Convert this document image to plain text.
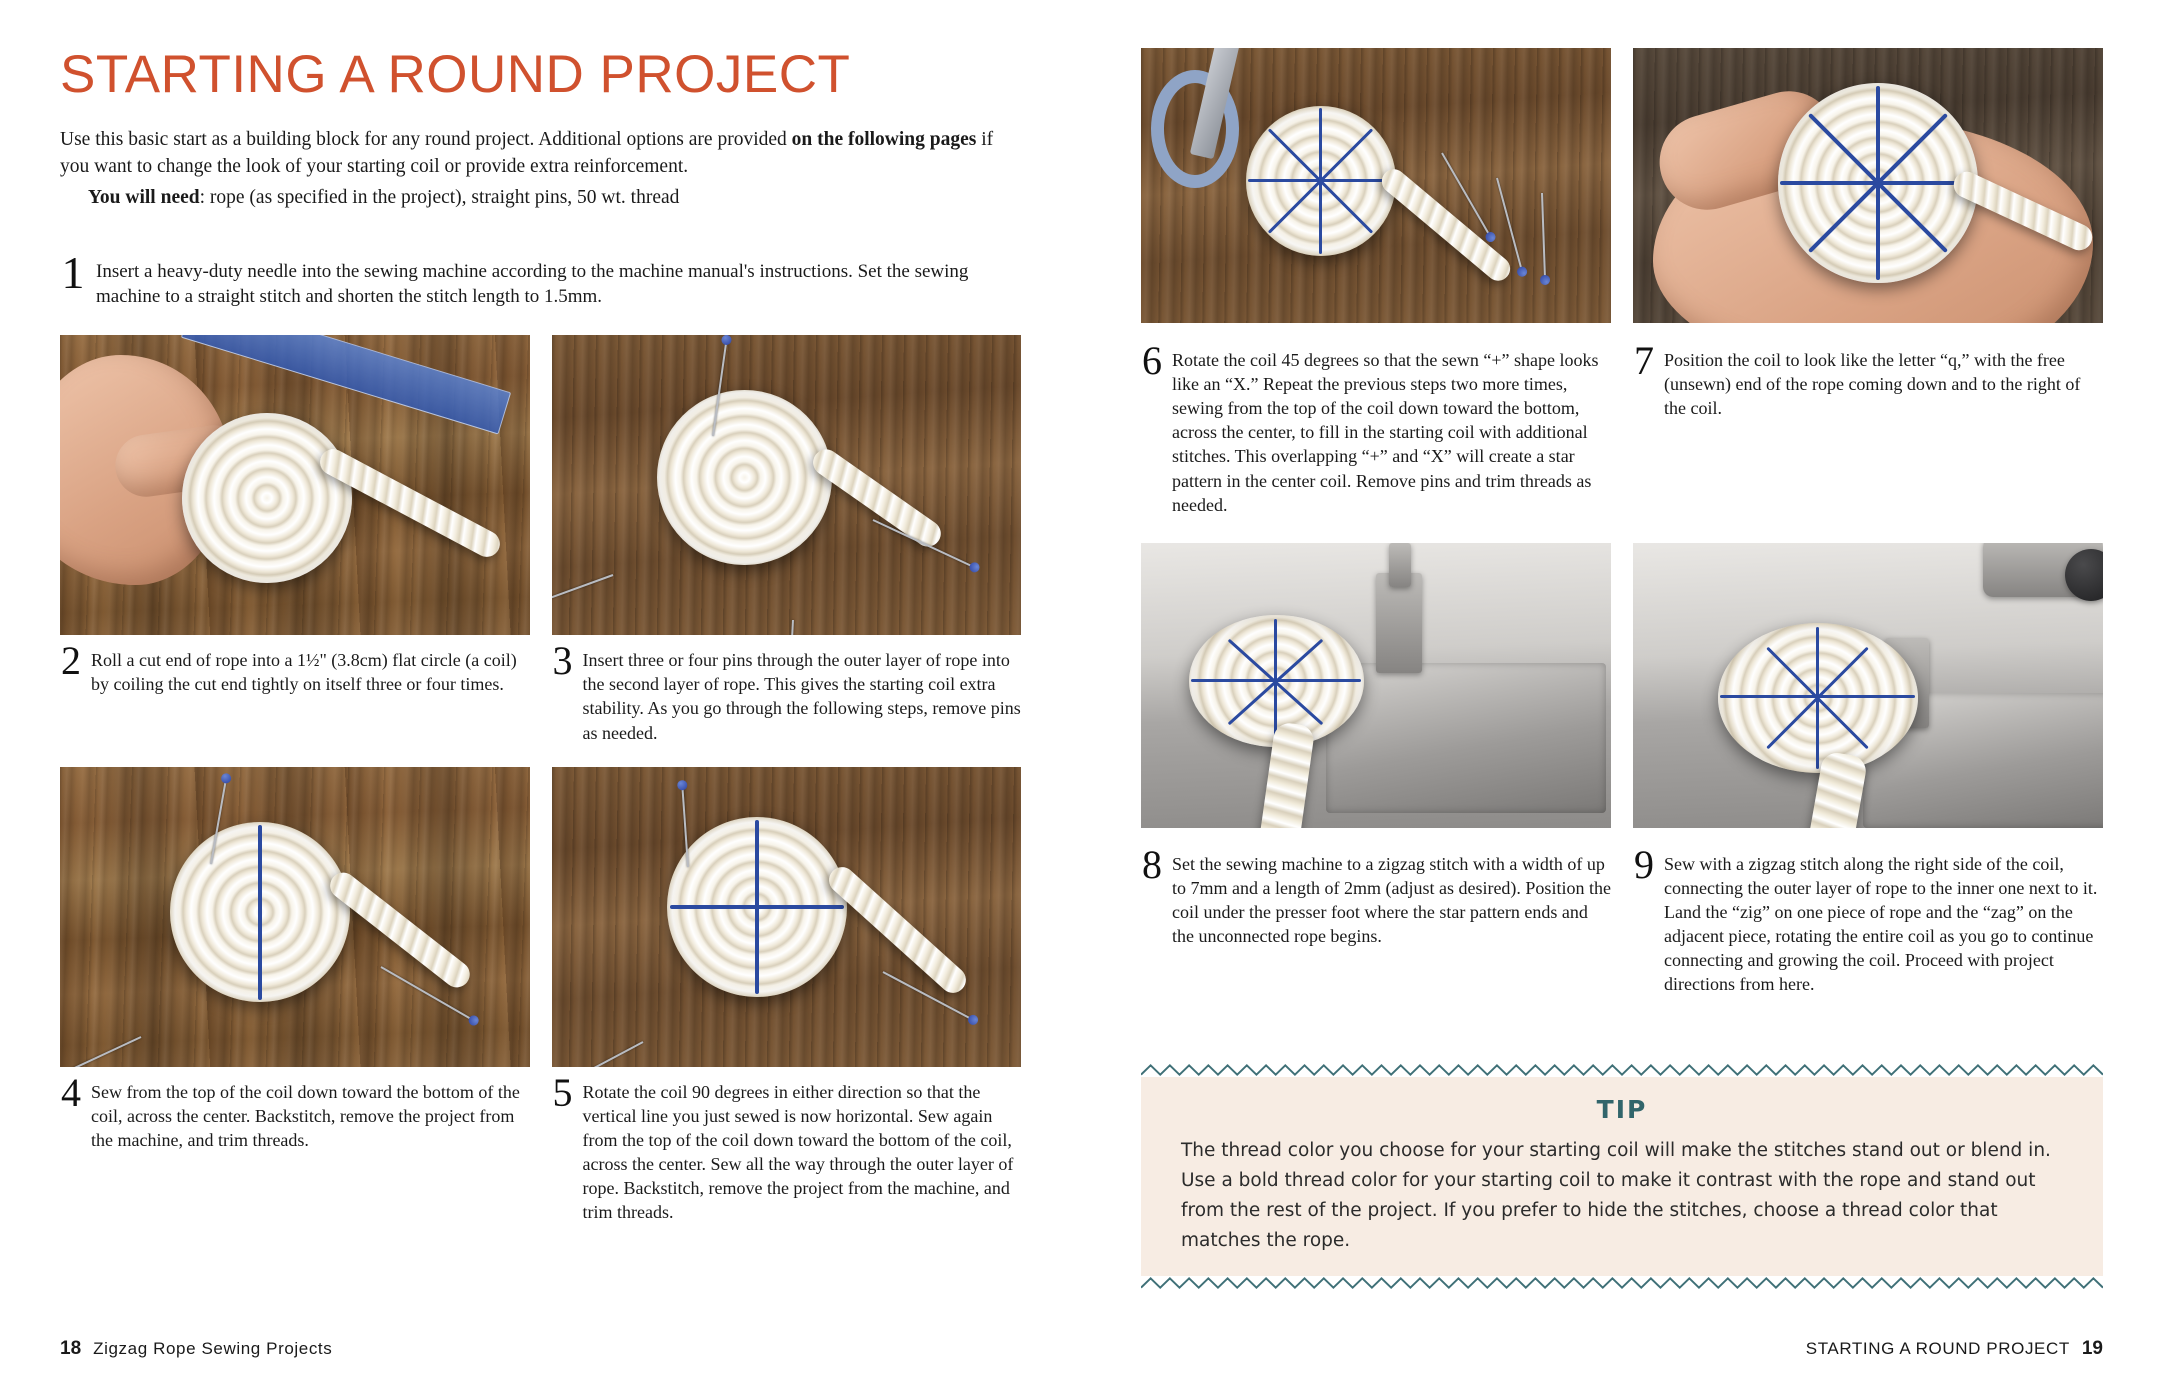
STARTING A ROUND PROJECT

Use this basic start as a building block for any round project. Additional options are provided on the following pages if you want to change the look of your starting coil or provide extra reinforcement.

You will need: rope (as specified in the project), straight pins, 50 wt. thread

1 Insert a heavy-duty needle into the sewing machine according to the machine manual's instructions. Set the sewing machine to a straight stitch and shorten the stitch length to 1.5mm.
2 Roll a cut end of rope into a 1½" (3.8cm) flat circle (a coil) by coiling the cut end tightly on itself three or four times.
3 Insert three or four pins through the outer layer of rope into the second layer of rope. This gives the starting coil extra stability. As you go through the following steps, remove pins as needed.
4 Sew from the top of the coil down toward the bottom of the coil, across the center. Backstitch, remove the project from the machine, and trim threads.
5 Rotate the coil 90 degrees in either direction so that the vertical line you just sewed is now horizontal. Sew again from the top of the coil down toward the bottom of the coil, across the center. Sew all the way through the outer layer of rope. Backstitch, remove the project from the machine, and trim threads.
18 Zigzag Rope Sewing Projects
6 Rotate the coil 45 degrees so that the sewn “+” shape looks like an “X.” Repeat the previous steps two more times, sewing from the top of the coil down toward the bottom, across the center, to fill in the starting coil with additional stitches. This overlapping “+” and “X” will create a star pattern in the center coil. Remove pins and trim threads as needed.
7 Position the coil to look like the letter “q,” with the free (unsewn) end of the rope coming down and to the right of the coil.
8 Set the sewing machine to a zigzag stitch with a width of up to 7mm and a length of 2mm (adjust as desired). Position the coil under the presser foot where the star pattern ends and the unconnected rope begins.
9 Sew with a zigzag stitch along the right side of the coil, connecting the outer layer of rope to the inner one next to it. Land the “zig” on one piece of rope and the “zag” on the adjacent piece, rotating the entire coil as you go to continue connecting and growing the coil. Proceed with project directions from here.
TIP

The thread color you choose for your starting coil will make the stitches stand out or blend in. Use a bold thread color for your starting coil to make it contrast with the rope and stand out from the rest of the project. If you prefer to hide the stitches, choose a thread color that matches the rope.

STARTING A ROUND PROJECT 19
